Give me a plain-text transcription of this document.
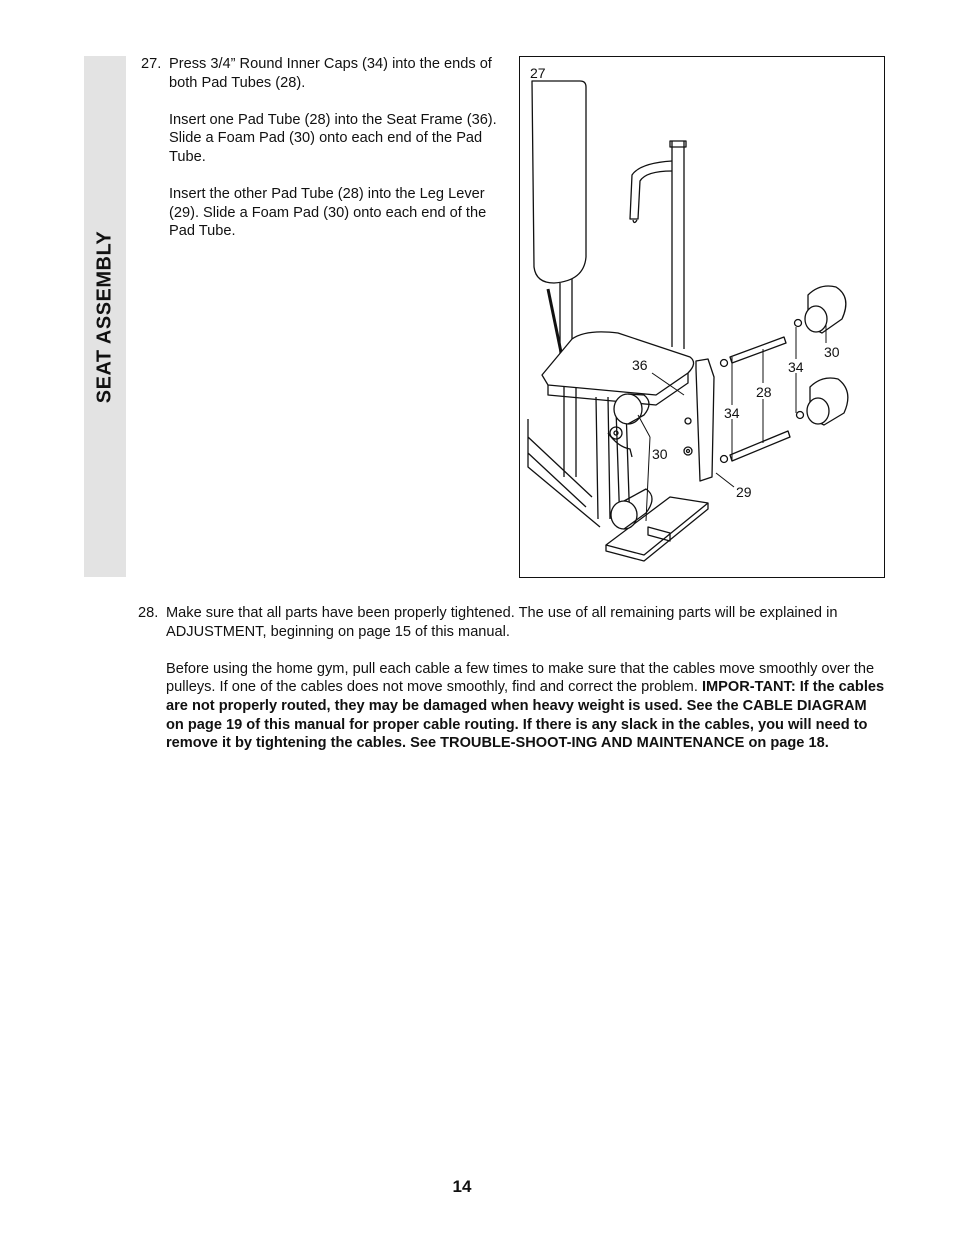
SEAT ASSEMBLY
27. Press 3/4” Round Inner Caps (34) into the ends of both Pad Tubes (28).

Insert one Pad Tube (28) into the Seat Frame (36). Slide a Foam Pad (30) onto each end of the Pad Tube.

Insert the other Pad Tube (28) into the Leg Lever (29). Slide a Foam Pad (30) onto each end of the Pad Tube.

27
36
34
28
34
30
30
29
28. Make sure that all parts have been properly tightened. The use of all remaining parts will be explained in ADJUSTMENT, beginning on page 15 of this manual.

Before using the home gym, pull each cable a few times to make sure that the cables move smoothly over the pulleys. If one of the cables does not move smoothly, find and correct the problem. IMPOR-TANT: If the cables are not properly routed, they may be damaged when heavy weight is used. See the CABLE DIAGRAM on page 19 of this manual for proper cable routing. If there is any slack in the cables, you will need to remove it by tightening the cables. See TROUBLE-SHOOT-ING AND MAINTENANCE on page 18.

14
